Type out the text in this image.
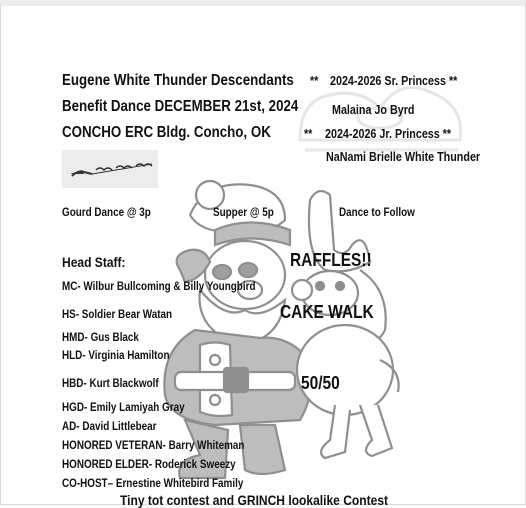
Eugene White Thunder Descendants
Benefit Dance DECEMBER 21st, 2024
CONCHO ERC Bldg. Concho, OK
** 2024-2026 Sr. Princess **
Malaina Jo Byrd
** 2024-2026 Jr. Princess **
NaNami Brielle White Thunder
Gourd Dance @ 3p	Supper @ 5p	Dance to Follow
Head Staff:
MC- Wilbur Bullcoming & Billy Youngbird
HS- Soldier Bear Watan
HMD- Gus Black
HLD- Virginia Hamilton
HBD- Kurt Blackwolf
HGD- Emily Lamiyah Gray
AD- David Littlebear
HONORED VETERAN- Barry Whiteman
HONORED ELDER- Roderick Sweezy
CO-HOST– Ernestine Whitebird Family
RAFFLES!!
CAKE WALK
50/50
Tiny tot contest and GRINCH lookalike Contest
